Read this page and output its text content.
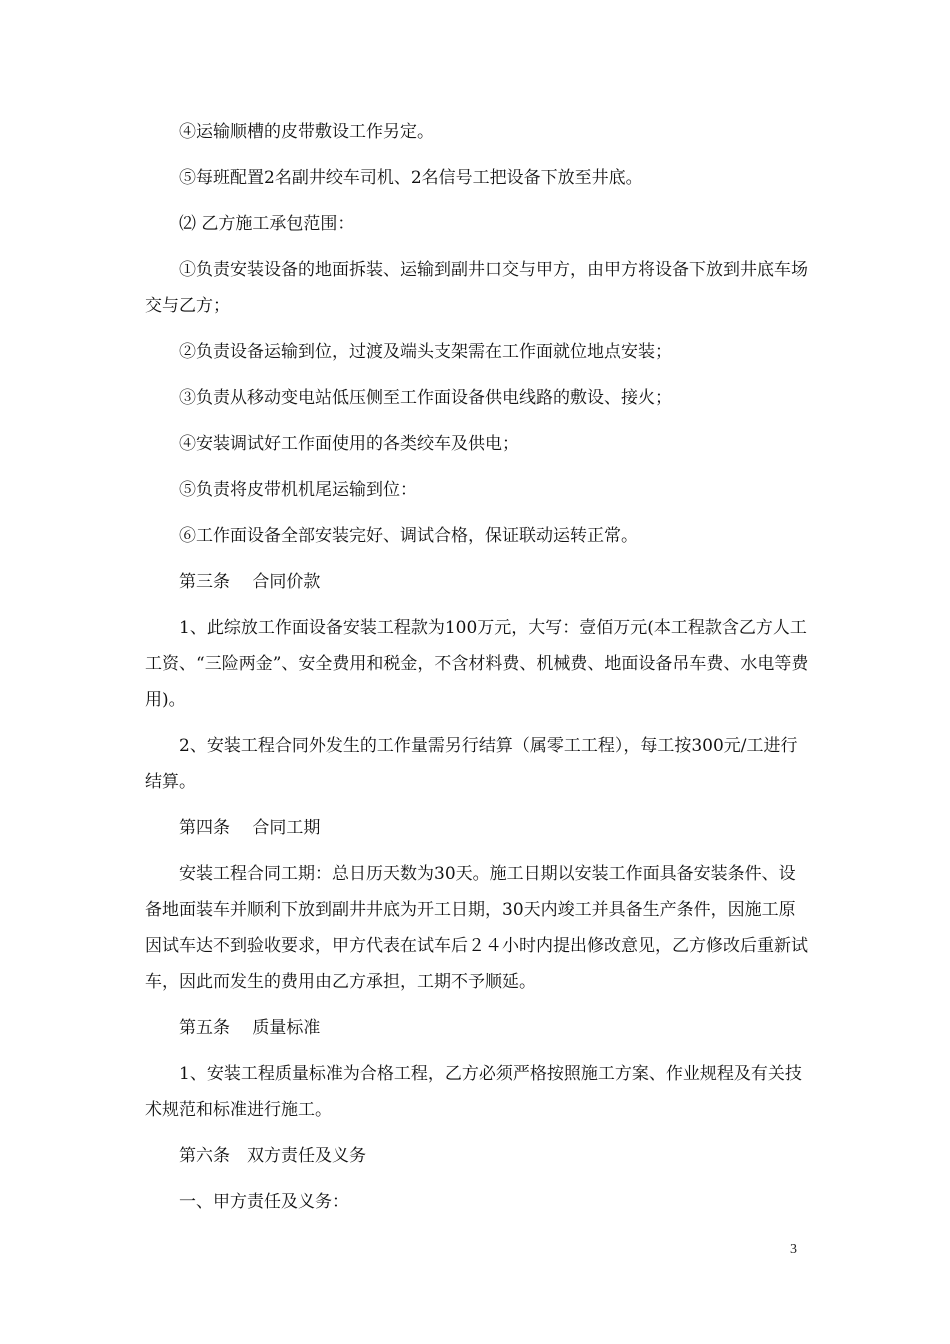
④运输顺槽的皮带敷设工作另定。

⑤每班配置2名副井绞车司机、2名信号工把设备下放至井底。

⑵ 乙方施工承包范围：

①负责安装设备的地面拆装、运输到副井口交与甲方，由甲方将设备下放到井底车场交与乙方；

②负责设备运输到位，过渡及端头支架需在工作面就位地点安装；

③负责从移动变电站低压侧至工作面设备供电线路的敷设、接火；

④安装调试好工作面使用的各类绞车及供电；

⑤负责将皮带机机尾运输到位：

⑥工作面设备全部安装完好、调试合格，保证联动运转正常。

第三条　 合同价款

1、此综放工作面设备安装工程款为100万元，大写：壹佰万元(本工程款含乙方人工工资、“三险两金”、安全费用和税金，不含材料费、机械费、地面设备吊车费、水电等费用)。

2、安装工程合同外发生的工作量需另行结算（属零工工程），每工按300元/工进行结算。

第四条　 合同工期

安装工程合同工期：总日历天数为30天。施工日期以安装工作面具备安装条件、设备地面装车并顺利下放到副井井底为开工日期，30天内竣工并具备生产条件，因施工原因试车达不到验收要求，甲方代表在试车后２４小时内提出修改意见，乙方修改后重新试车，因此而发生的费用由乙方承担，工期不予顺延。

第五条　 质量标准

1、安装工程质量标准为合格工程，乙方必须严格按照施工方案、作业规程及有关技术规范和标准进行施工。

第六条　双方责任及义务

一、甲方责任及义务：

3
